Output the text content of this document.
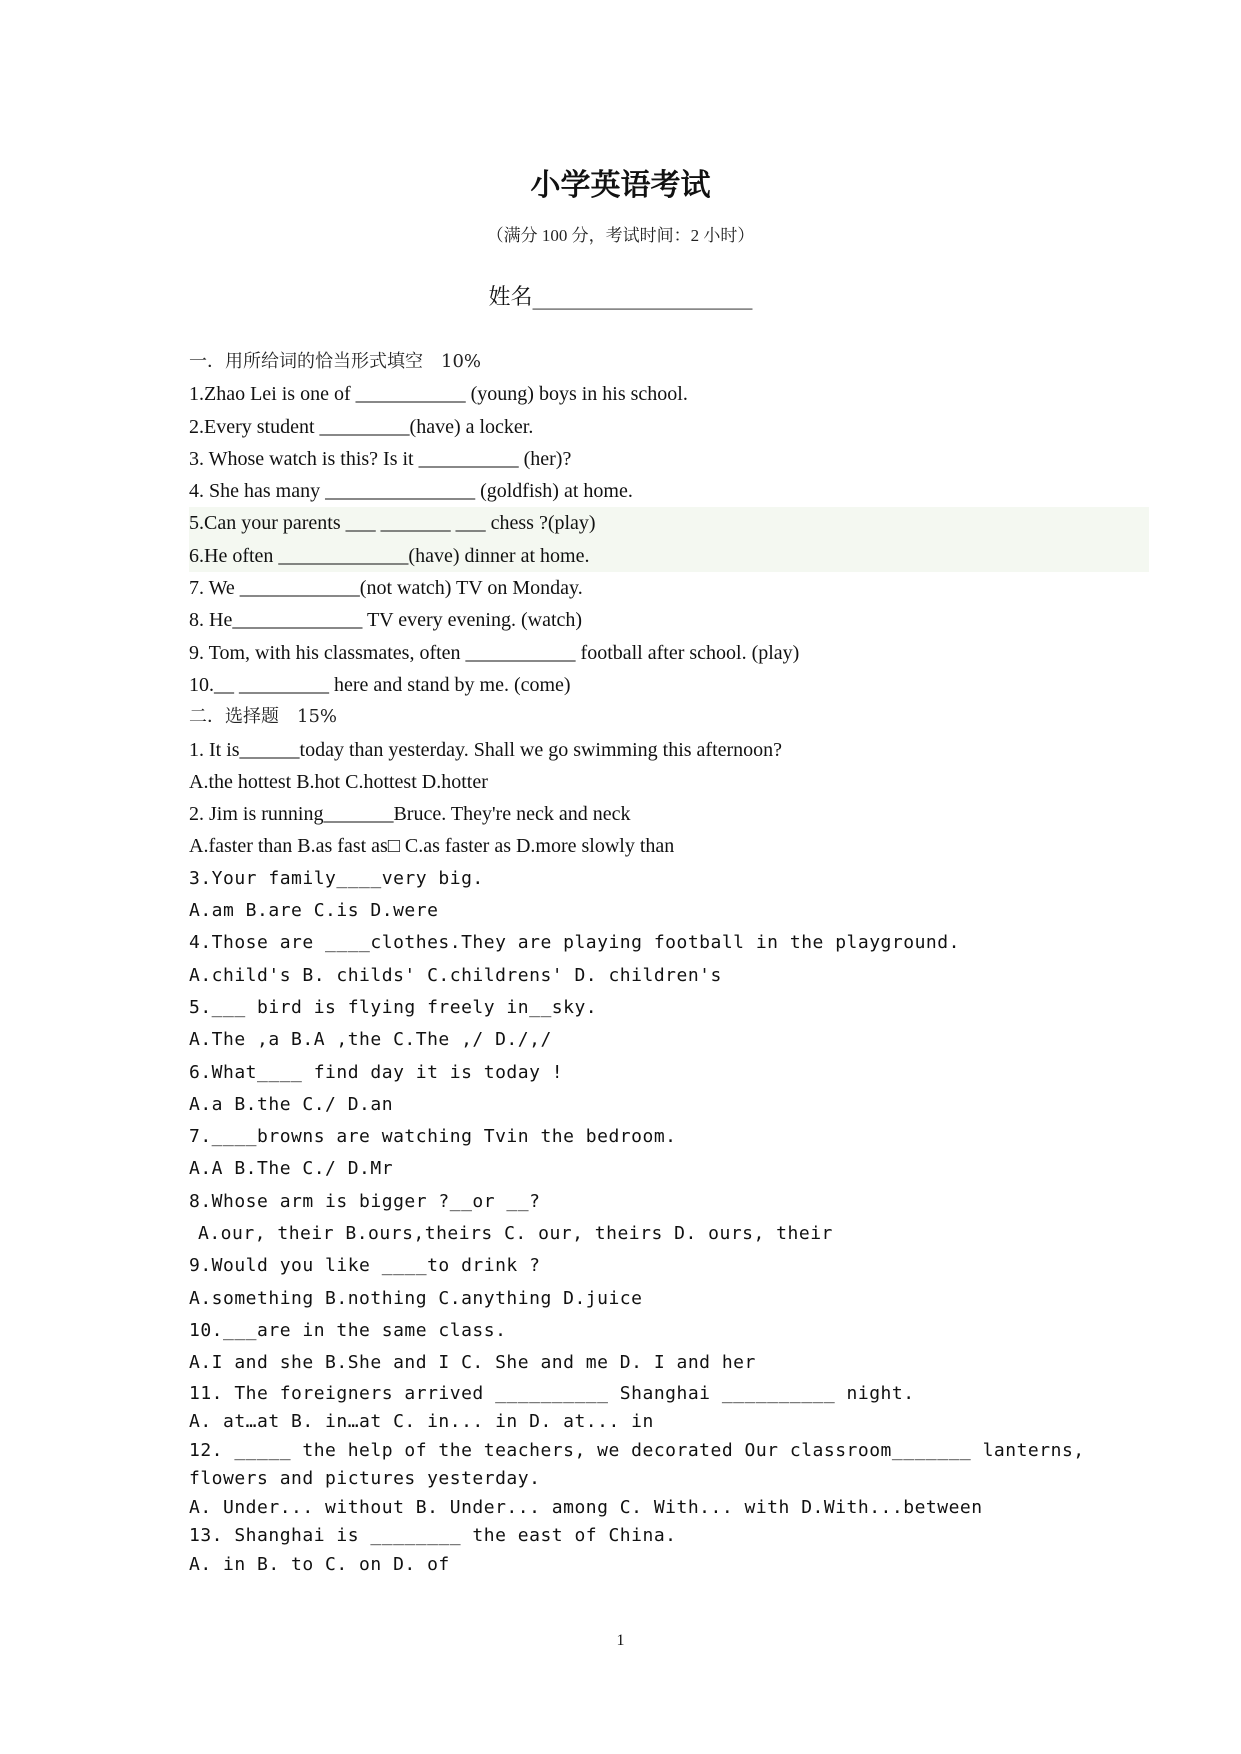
小学英语考试
（满分 100 分，考试时间：2 小时）
姓名____________________
一．用所给词的恰当形式填空　10%
1.Zhao Lei is one of ___________ (young) boys in his school.
2.Every student _________(have) a locker.
3. Whose watch is this? Is it __________ (her)?
4. She has many _______________ (goldfish) at home.
5.Can your parents ___ _______ ___ chess ?(play)
6.He often _____________(have) dinner at home.
7. We ____________(not watch) TV on Monday.
8. He_____________ TV every evening. (watch)
9. Tom, with his classmates, often ___________ football after school. (play)
10.__ _________ here and stand by me. (come)
二．选择题　15%
1. It is______today than yesterday. Shall we go swimming this afternoon?
A.the hottest B.hot C.hottest D.hotter
2. Jim is running_______Bruce. They're neck and neck
A.faster than B.as fast as□ C.as faster as D.more slowly than
3.Your family____very big.
A.am B.are C.is D.were
4.Those are ____clothes.They are playing football in the playground.
A.child's B. childs' C.childrens' D. children's
5.___ bird is flying freely in__sky.
A.The ,a B.A ,the C.The ,/ D./,/
6.What____ find day it is today !
A.a B.the C./ D.an
7.____browns are watching Tvin the bedroom.
A.A B.The C./ D.Mr
8.Whose arm is bigger ?__or __?
A.our, their B.ours,theirs C. our, theirs D. ours, their
9.Would you like ____to drink ?
A.something B.nothing C.anything D.juice
10.___are in the same class.
A.I and she B.She and I C. She and me D. I and her
11. The foreigners arrived __________ Shanghai __________ night.
A. at…at B. in…at C. in... in D. at... in
12. _____ the help of the teachers, we decorated Our classroom_______ lanterns,
flowers and pictures yesterday.
A. Under... without B. Under... among C. With... with D.With...between
13. Shanghai is ________ the east of China.
A. in B. to C. on D. of
1
